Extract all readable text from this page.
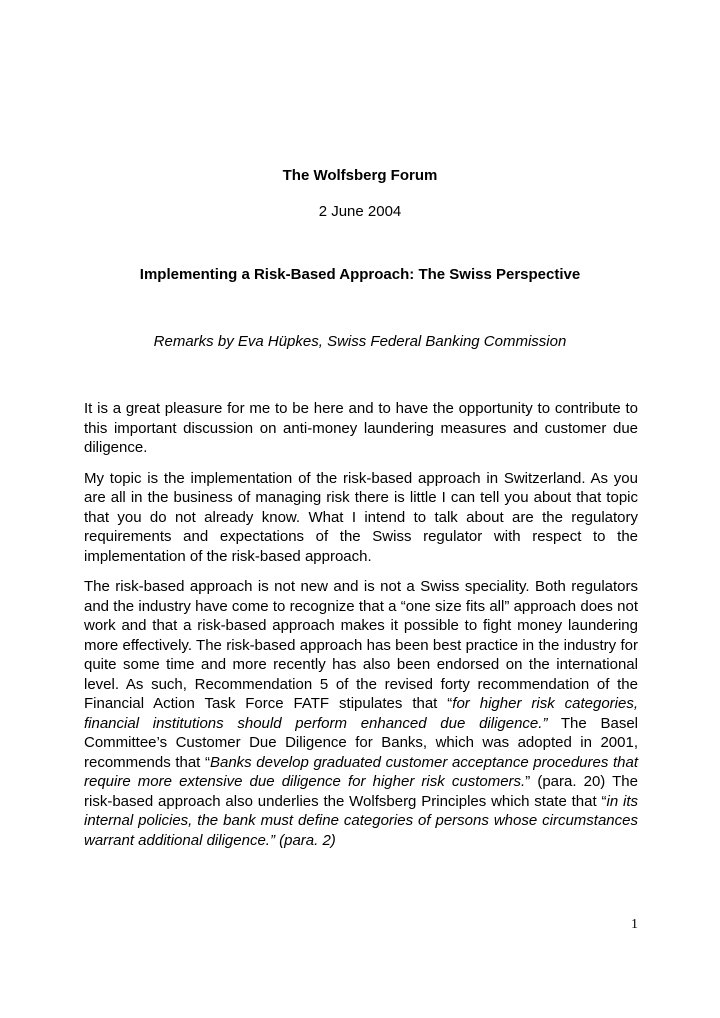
The Wolfsberg Forum
2 June 2004
Implementing a Risk-Based Approach: The Swiss Perspective
Remarks by Eva Hüpkes, Swiss Federal Banking Commission

It is a great pleasure for me to be here and to have the opportunity to contribute to this important discussion on anti-money laundering measures and customer due diligence.

My topic is the implementation of the risk-based approach in Switzerland. As you are all in the business of managing risk there is little I can tell you about that topic that you do not already know. What I intend to talk about are the regulatory requirements and expectations of the Swiss regulator with respect to the implementation of the risk-based approach.

The risk-based approach is not new and is not a Swiss speciality. Both regulators and the industry have come to recognize that a “one size fits all” approach does not work and that a risk-based approach makes it possible to fight money laundering more effectively. The risk-based approach has been best practice in the industry for quite some time and more recently has also been endorsed on the international level. As such, Recommendation 5 of the revised forty recommendation of the Financial Action Task Force FATF stipulates that “for higher risk categories, financial institutions should perform enhanced due diligence.” The Basel Committee’s Customer Due Diligence for Banks, which was adopted in 2001, recommends that “Banks develop graduated customer acceptance procedures that require more extensive due diligence for higher risk customers.” (para. 20) The risk-based approach also underlies the Wolfsberg Principles which state that “in its internal policies, the bank must define categories of persons whose circumstances warrant additional diligence.” (para. 2)

1
